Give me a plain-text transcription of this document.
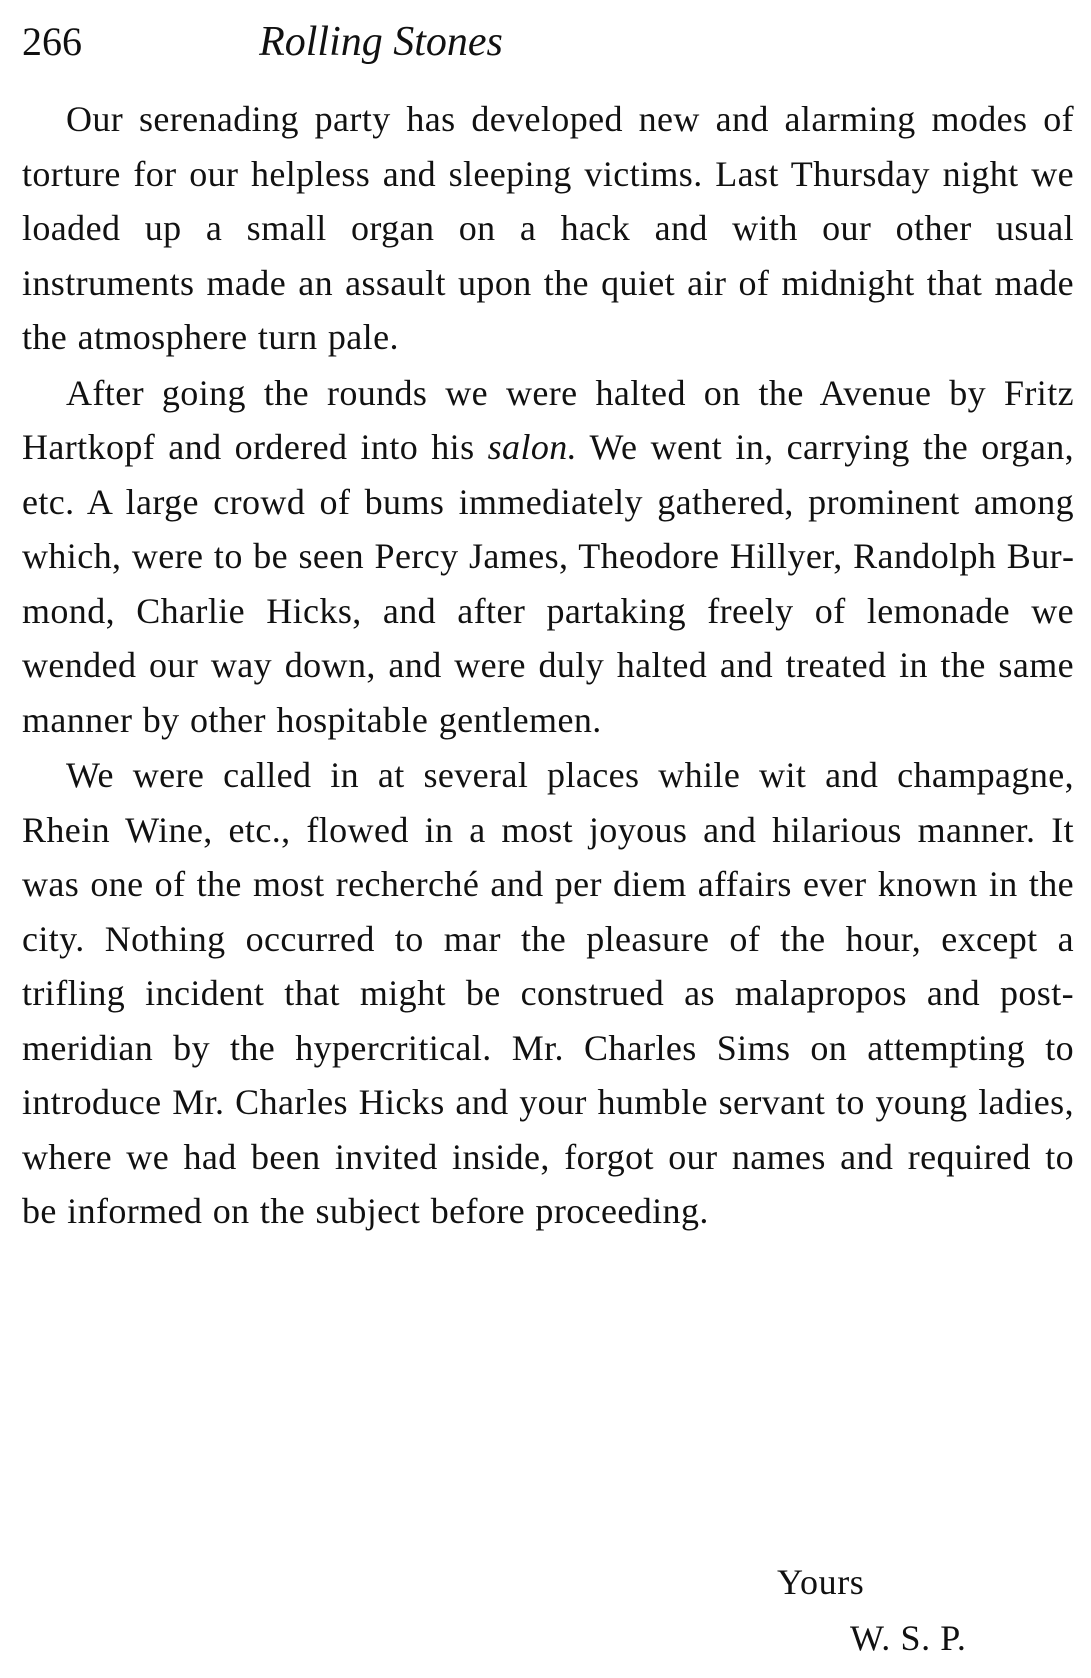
266	Rolling Stones

Our serenading party has developed new and alarming modes of torture for our helpless and sleeping victims. Last Thursday night we loaded up a small organ on a hack and with our other usual instruments made an assault upon the quiet air of midnight that made the atmosphere turn pale.

After going the rounds we were halted on the Avenue by Fritz Hartkopf and ordered into his salon. We went in, carrying the organ, etc. A large crowd of bums immediately gathered, prominent among which, were to be seen Percy James, Theodore Hillyer, Randolph Burmond, Charlie Hicks, and after partaking freely of lemonade we wended our way down, and were duly halted and treated in the same manner by other hospitable gentlemen.

We were called in at several places while wit and champagne, Rhein Wine, etc., flowed in a most joyous and hilarious manner. It was one of the most recherché and per diem affairs ever known in the city. Nothing occurred to mar the pleasure of the hour, except a trifling incident that might be construed as malapropos and post-meridian by the hypercritical. Mr. Charles Sims on attempting to introduce Mr. Charles Hicks and your humble servant to young ladies, where we had been invited inside, forgot our names and required to be informed on the subject before proceeding.

Yours
W. S. P.
